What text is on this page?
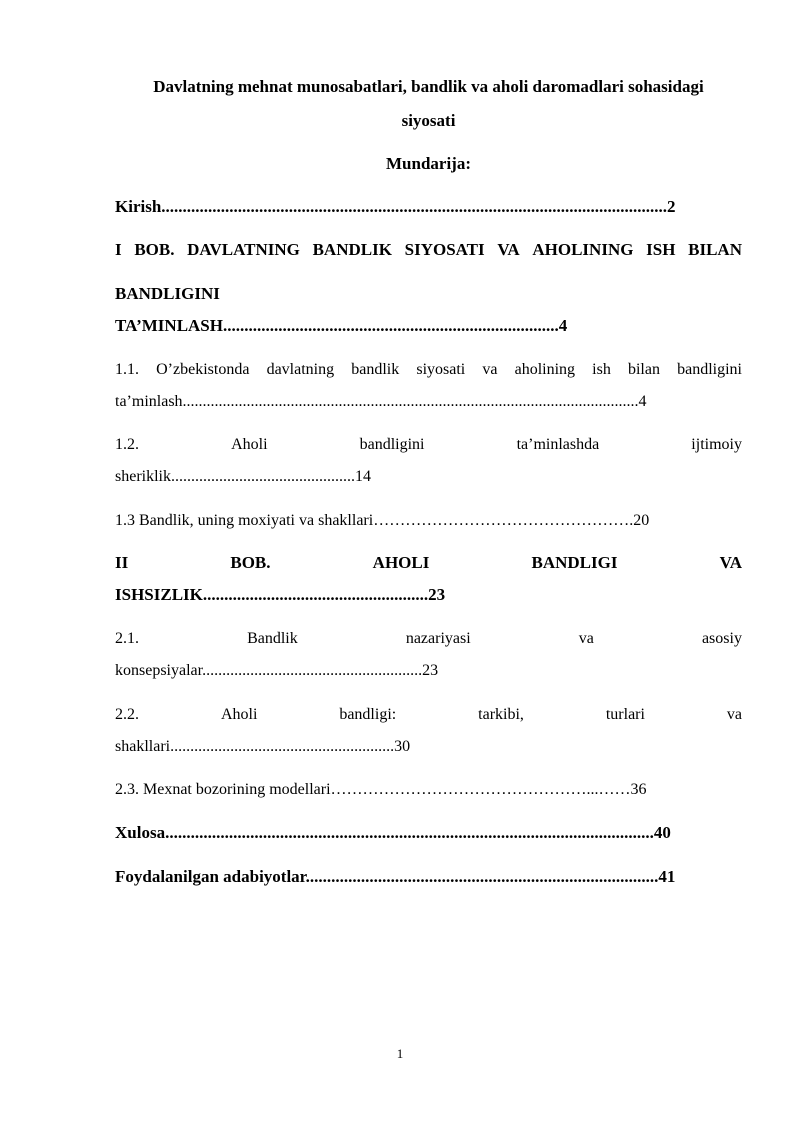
Davlatning mehnat munosabatlari, bandlik va aholi daromadlari sohasidagi
siyosati
Mundarija:
Kirish.......................................................................................................................2
I BOB. DAVLATNING BANDLIK SIYOSATI VA AHOLINING ISH BILAN
BANDLIGINI
TA’MINLASH...............................................................................4
1.1. O’zbekistonda davlatning bandlik siyosati va aholining ish bilan bandligini
ta’minlash..................................................................................................................4
1.2.	Aholi	bandligini	ta’minlashda	ijtimoiy
sheriklik..............................................14
1.3 Bandlik, uning moxiyati va shakllari………………………………………….20
II	BOB.	AHOLI	BANDLIGI	VA
ISHSIZLIK.....................................................23
2.1.	Bandlik	nazariyasi	va	asosiy
konsepsiyalar.......................................................23
2.2.	Aholi	bandligi:	tarkibi,	turlari	va
shakllari........................................................30
2.3. Mexnat bozorining modellari…………………………………………...……36
Xulosa...................................................................................................................40
Foydalanilgan adabiyotlar...................................................................................41
1
